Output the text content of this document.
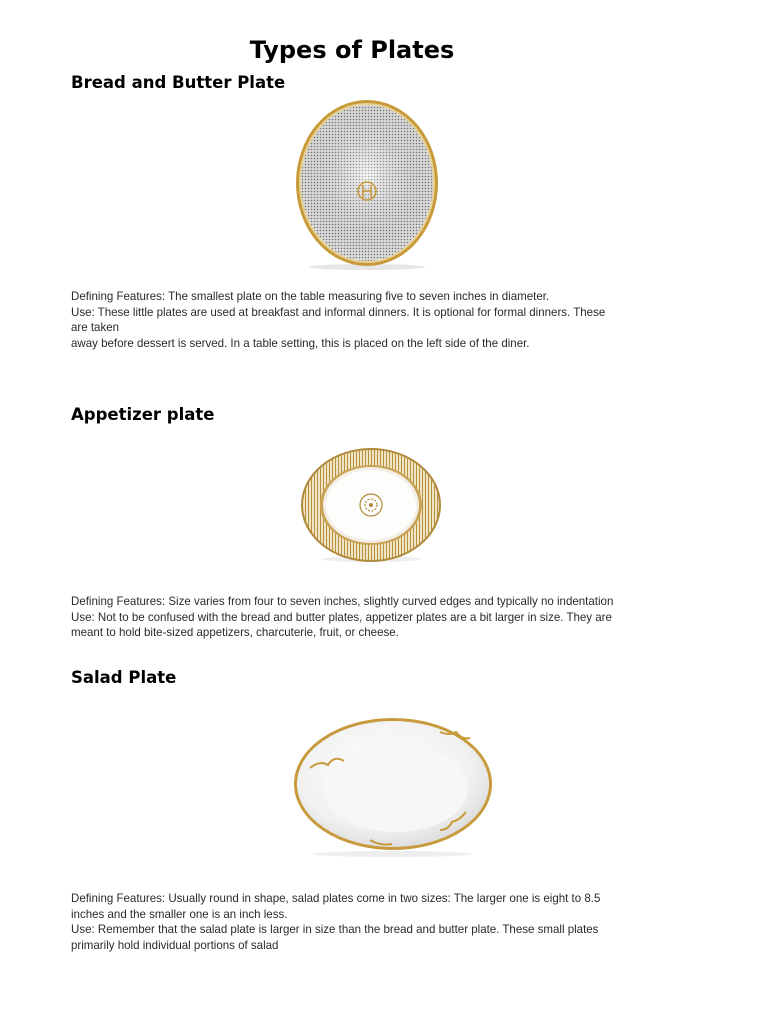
Types of Plates
Bread and Butter Plate
Defining Features: The smallest plate on the table measuring five to seven inches in diameter.
Use: These little plates are used at breakfast and informal dinners. It is optional for formal dinners. These
are taken
away before dessert is served. In a table setting, this is placed on the left side of the diner.
Appetizer plate
Defining Features: Size varies from four to seven inches, slightly curved edges and typically no indentation
Use: Not to be confused with the bread and butter plates, appetizer plates are a bit larger in size. They are
meant to hold bite-sized appetizers, charcuterie, fruit, or cheese.
Salad Plate
Defining Features: Usually round in shape, salad plates come in two sizes: The larger one is eight to 8.5
inches and the smaller one is an inch less.
Use: Remember that the salad plate is larger in size than the bread and butter plate. These small plates
primarily hold individual portions of salad
